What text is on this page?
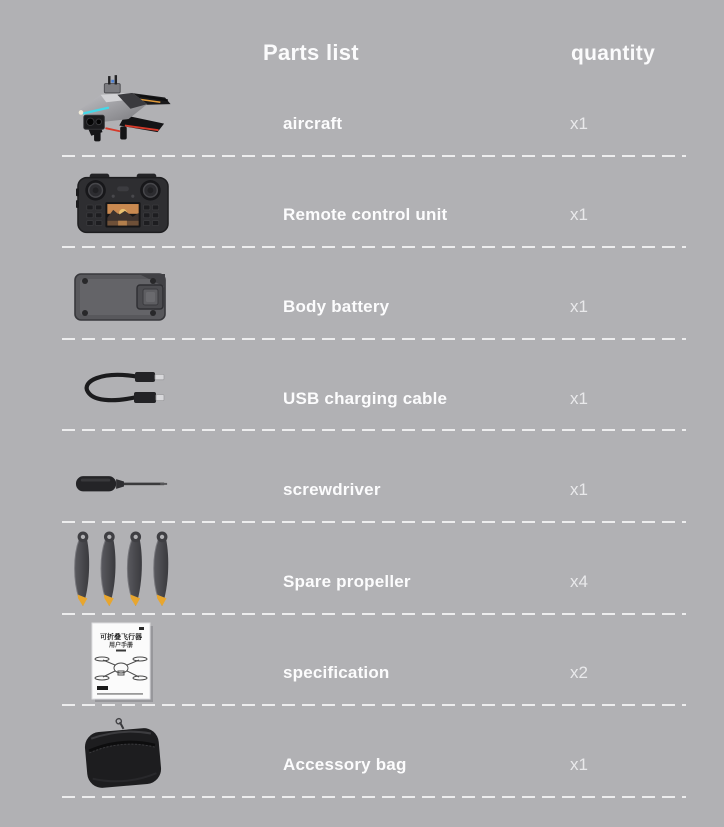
Parts list	quantity
aircraft	x1
Remote control unit	x1
Body battery	x1
USB charging cable	x1
screwdriver	x1
Spare propeller	x4
可折叠飞行器
用户手册
specification	x2
Accessory bag	x1
